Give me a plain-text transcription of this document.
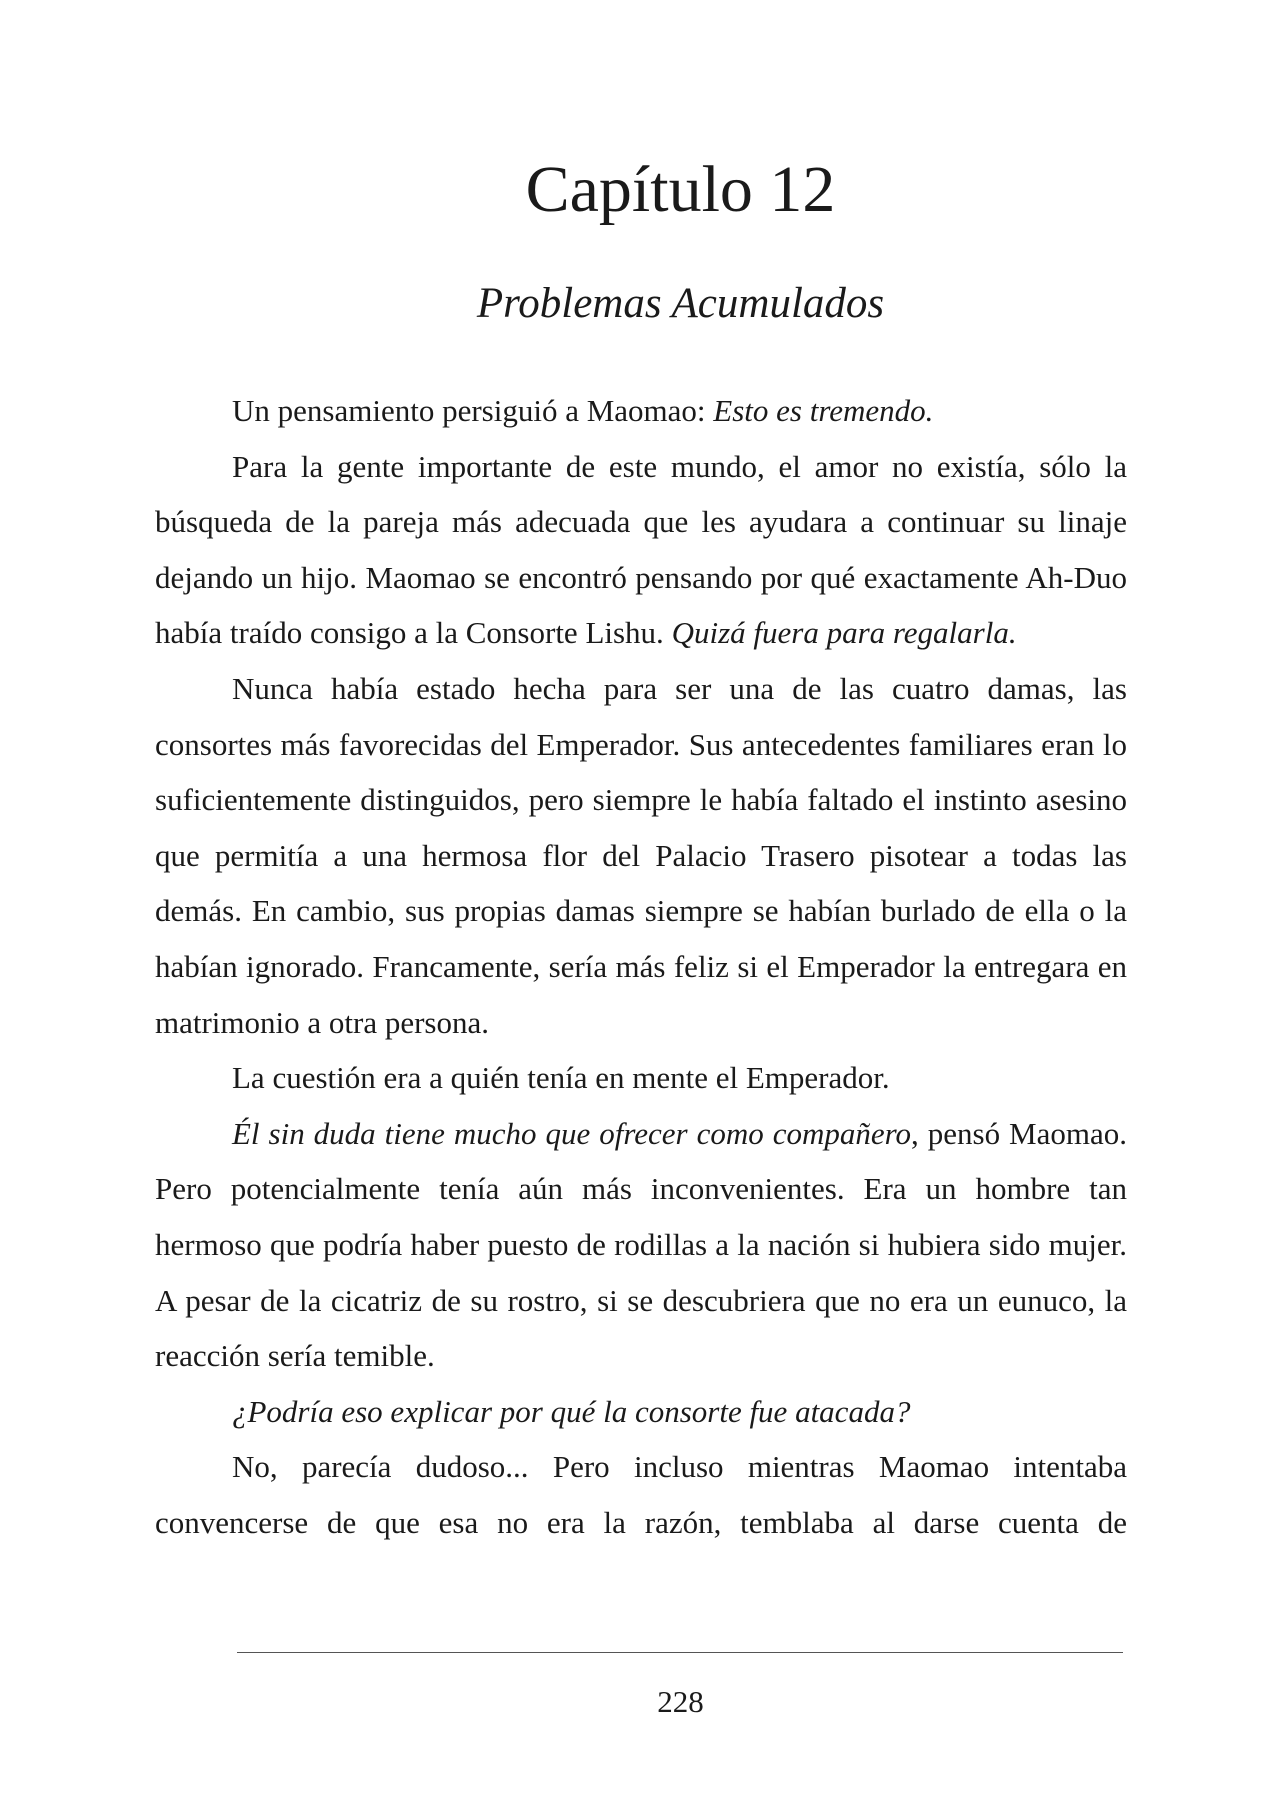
Capítulo 12
Problemas Acumulados

Un pensamiento persiguió a Maomao: Esto es tremendo.

Para la gente importante de este mundo, el amor no existía, sólo la búsqueda de la pareja más adecuada que les ayudara a continuar su linaje dejando un hijo. Maomao se encontró pensando por qué exactamente Ah-Duo había traído consigo a la Consorte Lishu. Quizá fuera para regalarla.

Nunca había estado hecha para ser una de las cuatro damas, las consortes más favorecidas del Emperador. Sus antecedentes familiares eran lo suficientemente distinguidos, pero siempre le había faltado el instinto asesino que permitía a una hermosa flor del Palacio Trasero pisotear a todas las demás. En cambio, sus propias damas siempre se habían burlado de ella o la habían ignorado. Francamente, sería más feliz si el Emperador la entregara en matrimonio a otra persona.

La cuestión era a quién tenía en mente el Emperador.

Él sin duda tiene mucho que ofrecer como compañero, pensó Maomao. Pero potencialmente tenía aún más inconvenientes. Era un hombre tan hermoso que podría haber puesto de rodillas a la nación si hubiera sido mujer. A pesar de la cicatriz de su rostro, si se descubriera que no era un eunuco, la reacción sería temible.

¿Podría eso explicar por qué la consorte fue atacada?

No, parecía dudoso... Pero incluso mientras Maomao intentaba convencerse de que esa no era la razón, temblaba al darse cuenta de

228
